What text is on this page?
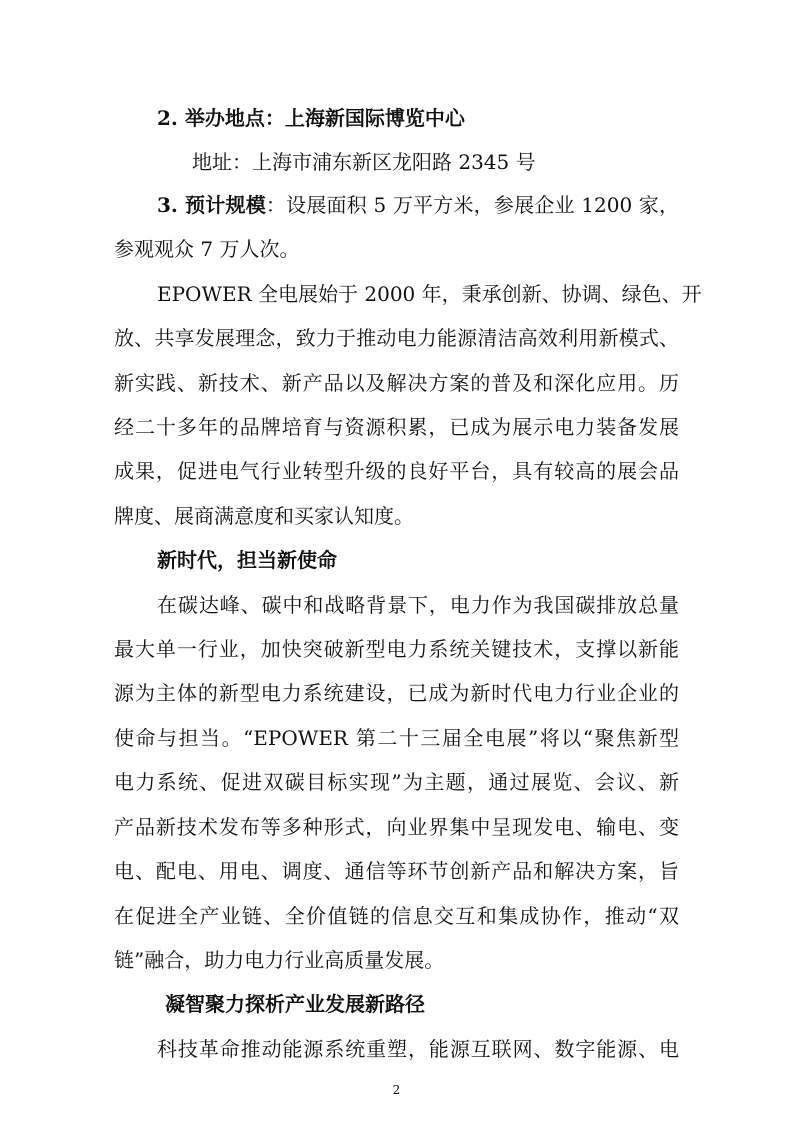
2. 举办地点：上海新国际博览中心
地址：上海市浦东新区龙阳路 2345 号
3. 预计规模：设展面积 5 万平方米，参展企业 1200 家，
参观观众 7 万人次。
EPOWER 全电展始于 2000 年，秉承创新、协调、绿色、开
放、共享发展理念，致力于推动电力能源清洁高效利用新模式、
新实践、新技术、新产品以及解决方案的普及和深化应用。历
经二十多年的品牌培育与资源积累，已成为展示电力装备发展
成果，促进电气行业转型升级的良好平台，具有较高的展会品
牌度、展商满意度和买家认知度。
新时代，担当新使命
在碳达峰、碳中和战略背景下，电力作为我国碳排放总量
最大单一行业，加快突破新型电力系统关键技术，支撑以新能
源为主体的新型电力系统建设，已成为新时代电力行业企业的
使命与担当。“EPOWER 第二十三届全电展”将以“聚焦新型
电力系统、促进双碳目标实现”为主题，通过展览、会议、新
产品新技术发布等多种形式，向业界集中呈现发电、输电、变
电、配电、用电、调度、通信等环节创新产品和解决方案，旨
在促进全产业链、全价值链的信息交互和集成协作，推动“双
链”融合，助力电力行业高质量发展。
凝智聚力探析产业发展新路径
科技革命推动能源系统重塑，能源互联网、数字能源、电
2
